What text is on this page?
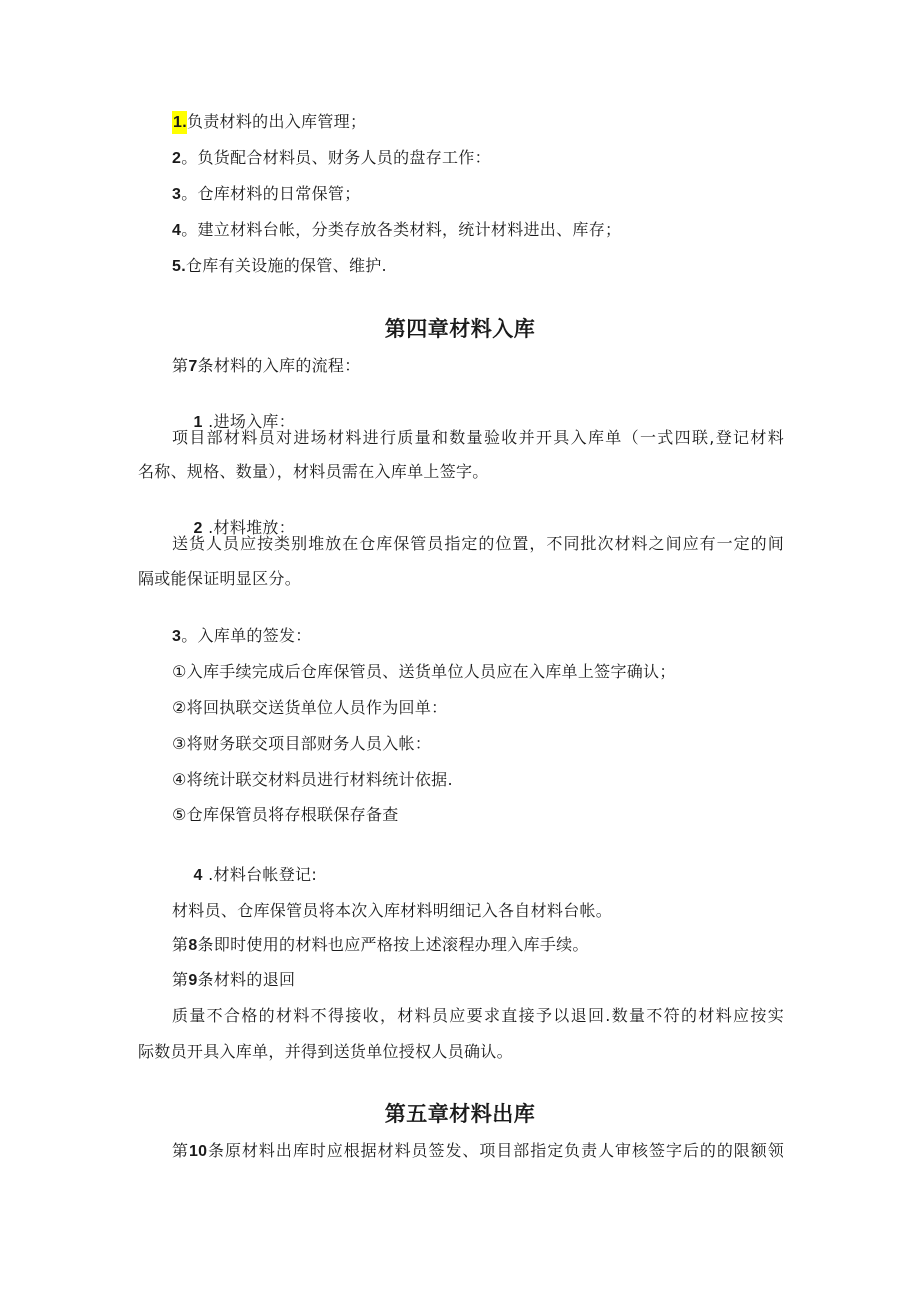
1.负责材料的出入库管理；
2。负货配合材料员、财务人员的盘存工作：
3。仓库材料的日常保管；
4。建立材料台帐，分类存放各类材料，统计材料进出、库存；
5.仓库有关设施的保管、维护.
第四章材料入库
第7条材料的入库的流程：

1 .进场入库：

项目部材料员对进场材料进行质量和数量验收并开具入库单（一式四联,登记材料
名称、规格、数量），材料员需在入库单上签字。

2 .材料堆放：

送货人员应按类别堆放在仓库保管员指定的位置，不同批次材料之间应有一定的间
隔或能保证明显区分。
3。入库单的签发：
①入库手续完成后仓库保管员、送货单位人员应在入库单上签字确认；
②将回执联交送货单位人员作为回单：
③将财务联交项目部财务人员入帐：
④将统计联交材料员进行材料统计依据.
⑤仓库保管员将存根联保存备查

4 .材料台帐登记:

材料员、仓库保管员将本次入库材料明细记入各自材料台帐。
第8条即时使用的材料也应严格按上述滚程办理入库手续。
第9条材料的退回
质量不合格的材料不得接收，材料员应要求直接予以退回.数量不符的材料应按实
际数员开具入库单，并得到送货单位授权人员确认。
第五章材料出库
第10条原材料出库时应根据材料员签发、项目部指定负责人审核签字后的的限额领
